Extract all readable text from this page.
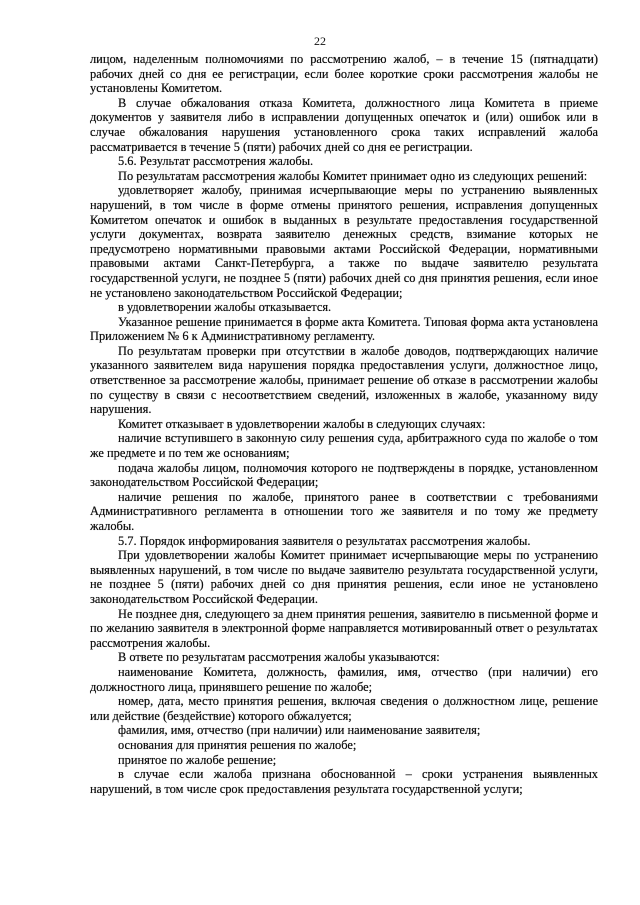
22

лицом, наделенным полномочиями по рассмотрению жалоб, – в течение 15 (пятнадцати) рабочих дней со дня ее регистрации, если более короткие сроки рассмотрения жалобы не установлены Комитетом.

В случае обжалования отказа Комитета, должностного лица Комитета в приеме документов у заявителя либо в исправлении допущенных опечаток и (или) ошибок или в случае обжалования нарушения установленного срока таких исправлений жалоба рассматривается в течение 5 (пяти) рабочих дней со дня ее регистрации.

5.6. Результат рассмотрения жалобы.

По результатам рассмотрения жалобы Комитет принимает одно из следующих решений:

удовлетворяет жалобу, принимая исчерпывающие меры по устранению выявленных нарушений, в том числе в форме отмены принятого решения, исправления допущенных Комитетом опечаток и ошибок в выданных в результате предоставления государственной услуги документах, возврата заявителю денежных средств, взимание которых не предусмотрено нормативными правовыми актами Российской Федерации, нормативными правовыми актами Санкт-Петербурга, а также по выдаче заявителю результата государственной услуги, не позднее 5 (пяти) рабочих дней со дня принятия решения, если иное не установлено законодательством Российской Федерации;

в удовлетворении жалобы отказывается.

Указанное решение принимается в форме акта Комитета. Типовая форма акта установлена Приложением № 6 к Административному регламенту.

По результатам проверки при отсутствии в жалобе доводов, подтверждающих наличие указанного заявителем вида нарушения порядка предоставления услуги, должностное лицо, ответственное за рассмотрение жалобы, принимает решение об отказе в рассмотрении жалобы по существу в связи с несоответствием сведений, изложенных в жалобе, указанному виду нарушения.

Комитет отказывает в удовлетворении жалобы в следующих случаях:

наличие вступившего в законную силу решения суда, арбитражного суда по жалобе о том же предмете и по тем же основаниям;

подача жалобы лицом, полномочия которого не подтверждены в порядке, установленном законодательством Российской Федерации;

наличие решения по жалобе, принятого ранее в соответствии с требованиями Административного регламента в отношении того же заявителя и по тому же предмету жалобы.

5.7. Порядок информирования заявителя о результатах рассмотрения жалобы.

При удовлетворении жалобы Комитет принимает исчерпывающие меры по устранению выявленных нарушений, в том числе по выдаче заявителю результата государственной услуги, не позднее 5 (пяти) рабочих дней со дня принятия решения, если иное не установлено законодательством Российской Федерации.

Не позднее дня, следующего за днем принятия решения, заявителю в письменной форме и по желанию заявителя в электронной форме направляется мотивированный ответ о результатах рассмотрения жалобы.

В ответе по результатам рассмотрения жалобы указываются:

наименование Комитета, должность, фамилия, имя, отчество (при наличии) его должностного лица, принявшего решение по жалобе;

номер, дата, место принятия решения, включая сведения о должностном лице, решение или действие (бездействие) которого обжалуется;

фамилия, имя, отчество (при наличии) или наименование заявителя;

основания для принятия решения по жалобе;

принятое по жалобе решение;

в случае если жалоба признана обоснованной – сроки устранения выявленных нарушений, в том числе срок предоставления результата государственной услуги;
